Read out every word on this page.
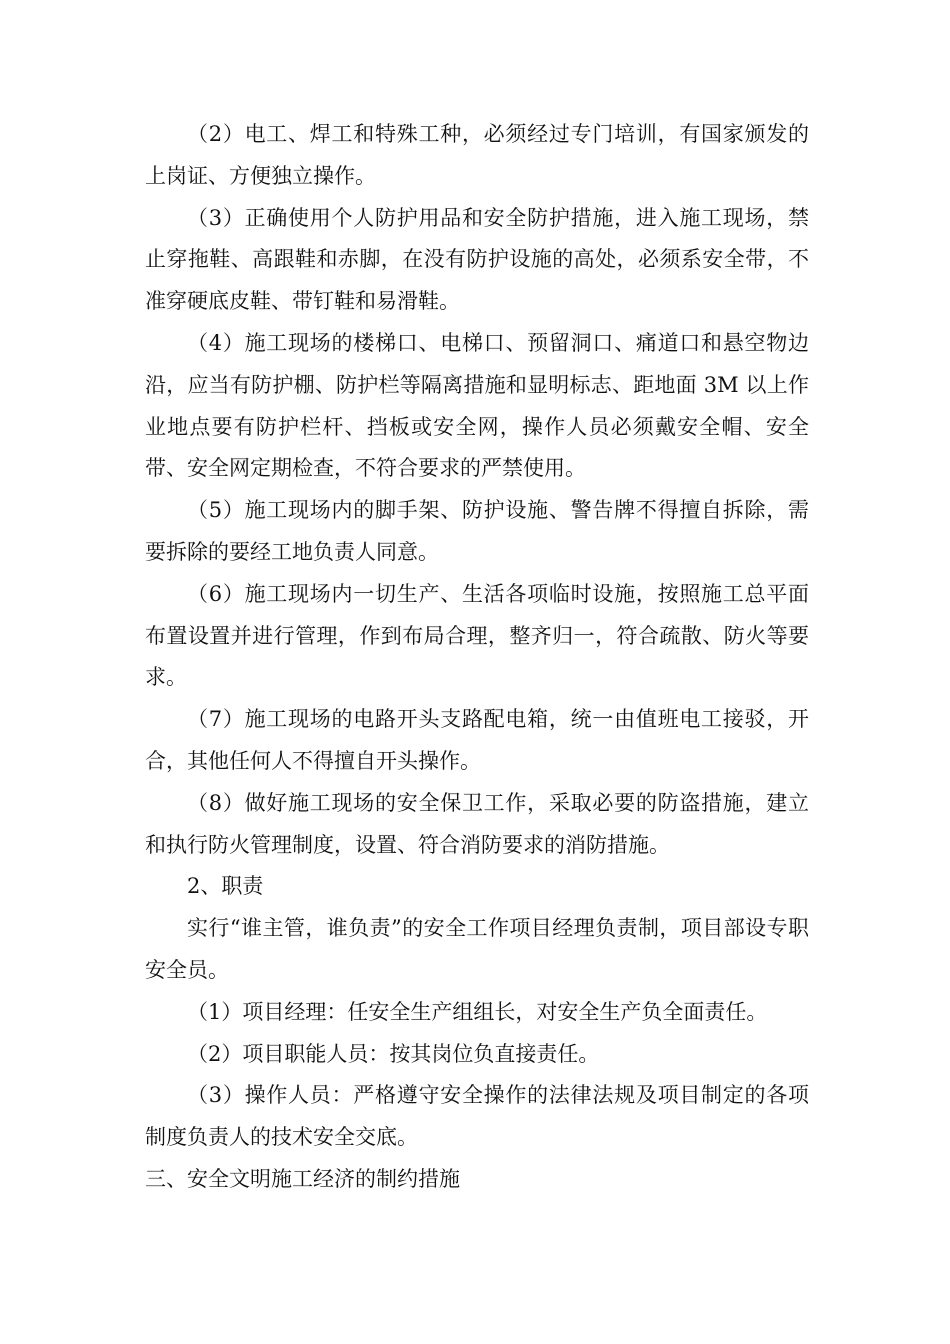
（2）电工、焊工和特殊工种，必须经过专门培训，有国家颁发的上岗证、方便独立操作。

（3）正确使用个人防护用品和安全防护措施，进入施工现场，禁止穿拖鞋、高跟鞋和赤脚，在没有防护设施的高处，必须系安全带，不准穿硬底皮鞋、带钉鞋和易滑鞋。

（4）施工现场的楼梯口、电梯口、预留洞口、痛道口和悬空物边沿，应当有防护棚、防护栏等隔离措施和显明标志、距地面 3M 以上作业地点要有防护栏杆、挡板或安全网，操作人员必须戴安全帽、安全带、安全网定期检查，不符合要求的严禁使用。

（5）施工现场内的脚手架、防护设施、警告牌不得擅自拆除，需要拆除的要经工地负责人同意。

（6）施工现场内一切生产、生活各项临时设施，按照施工总平面布置设置并进行管理，作到布局合理，整齐归一，符合疏散、防火等要求。

（7）施工现场的电路开头支路配电箱，统一由值班电工接驳，开合，其他任何人不得擅自开头操作。

（8）做好施工现场的安全保卫工作，采取必要的防盗措施，建立和执行防火管理制度，设置、符合消防要求的消防措施。

2、职责

实行“谁主管，谁负责”的安全工作项目经理负责制，项目部设专职安全员。

（1）项目经理：任安全生产组组长，对安全生产负全面责任。

（2）项目职能人员：按其岗位负直接责任。

（3）操作人员：严格遵守安全操作的法律法规及项目制定的各项制度负责人的技术安全交底。

三、安全文明施工经济的制约措施
